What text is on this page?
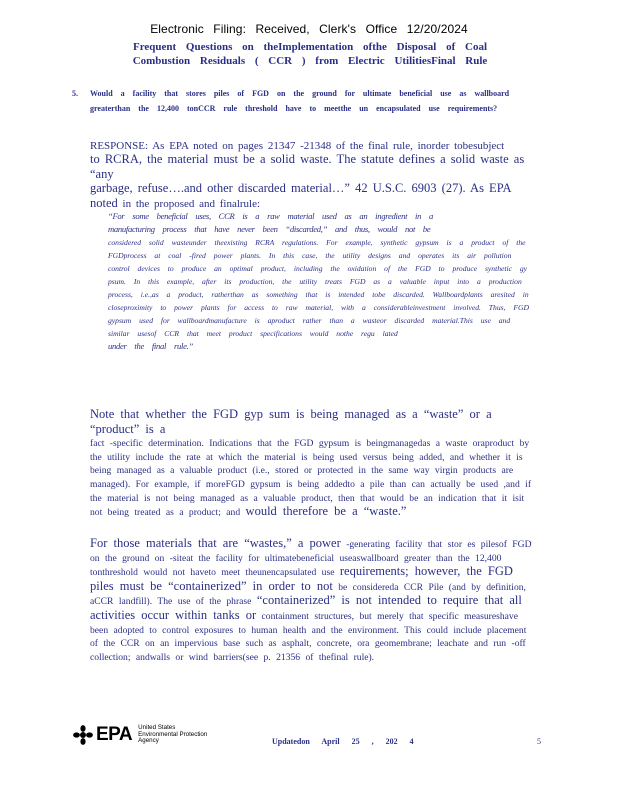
Electronic Filing: Received, Clerk's Office 12/20/2024
Frequent Questions on theImplementation ofthe Disposal of Coal
Combustion Residuals ( CCR ) from Electric UtilitiesFinal Rule
5. Would a facility that stores piles of FGD on the ground for ultimate beneficial use as wallboard greaterthan the 12,400 tonCCR rule threshold have to meetthe un encapsulated use requirements?
RESPONSE: As EPA noted on pages 21347 -21348 of the final rule, inorder tobesubject
to RCRA, the material must be a solid waste. The statute defines a solid waste as “any
garbage, refuse….and other discarded material…” 42 U.S.C. 6903 (27). As EPA noted in the proposed and finalrule:
“For some beneficial uses, CCR is a raw material used as an ingredient in a
manufacturing process that have never been “discarded,” and thus, would not be
considered solid wasteunder theexisting RCRA regulations. For example, synthetic gypsum is a product of the FGDprocess at coal -fired power plants. In this case, the utility designs and operates its air pollution control devices to produce an optimal product, including the oxidation of the FGD to produce synthetic gy psum. In this example, after its production, the utility treats FGD as a valuable input into a production process, i.e.,as a product, ratherthan as something that is intended tobe discarded. Wallboardplants aresited in closeproximity to power plants for access to raw material, with a considerableinvestment involved. Thus, FGD gypsum used for wallboardmanufacture is aproduct rather than a wasteor discarded material.This use and similar usesof CCR that meet product specifications would nothe regu lated
under the final rule.”
Note that whether the FGD gyp sum is being managed as a “waste” or a “product” is a
fact -specific determination. Indications that the FGD gypsum is beingmanagedas a waste oraproduct by the utility include the rate at which the material is being used versus being added, and whether it is being managed as a valuable product (i.e., stored or protected in the same way virgin products are managed). For example, if moreFGD gypsum is being addedto a pile than can actually be used ,and if the material is not being managed as a valuable product, then that would be an indication that it isit not being treated as a product; and would therefore be a “waste.”
For those materials that are “wastes,” a power -generating facility that stor es pilesof FGD on the ground on -siteat the facility for ultimatebeneficial useaswallboard greater than the 12,400 tonthreshold would not haveto meet theunencapsulated use requirements; however, the FGD piles must be “containerized” in order to not be considereda CCR Pile (and by definition, aCCR landfill). The use of the phrase “containerized” is not intended to require that all activities occur within tanks or containment structures, but merely that specific measureshave been adopted to control exposures to human health and the environment. This could include placement of the CCR on an impervious base such as asphalt, concrete, ora geomembrane; leachate and run -off collection; andwalls or wind barriers(see p. 21356 of thefinal rule).
EPA United States
Environmental Protection
Agency	Updatedon April 25 , 202 4	5
